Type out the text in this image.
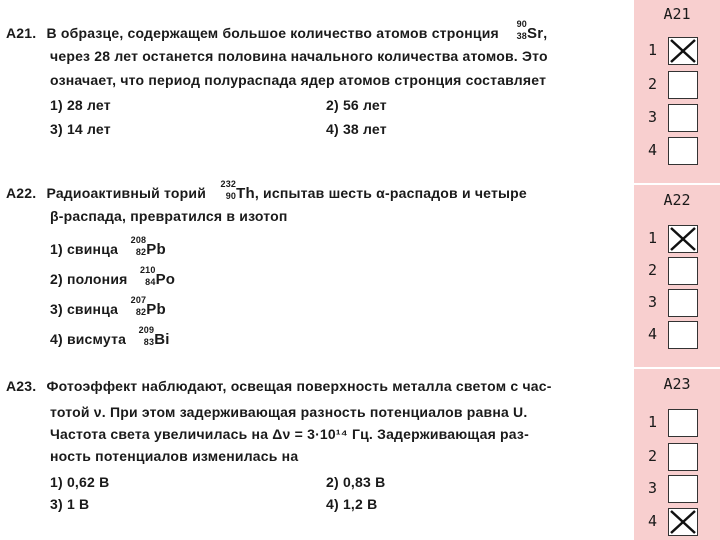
A21. В образце, содержащем большое количество атомов стронция
90
38 Sr,
через 28 лет останется половина начального количества атомов. Это
означает, что период полураспада ядер атомов стронция составляет
1) 28 лет	2) 56 лет
3) 14 лет	4) 38 лет
A22. Радиоактивный торий
232
90 Th, испытав шесть α-распадов и четыре
β-распада, превратился в изотоп
1) свинца
208
82 Pb
2) полония
210
84 Po
3) свинца
207
82 Pb
4) висмута
209
83 Bi
A23. Фотоэффект наблюдают, освещая поверхность металла светом с час-
тотой ν. При этом задерживающая разность потенциалов равна U.
Частота света увеличилась на Δν = 3·10¹⁴ Гц. Задерживающая раз-
ность потенциалов изменилась на
1) 0,62 В	2) 0,83 В
3) 1 В	4) 1,2 В
A21
1
2
3
4
A22
1
2
3
4
A23
1
2
3
4
